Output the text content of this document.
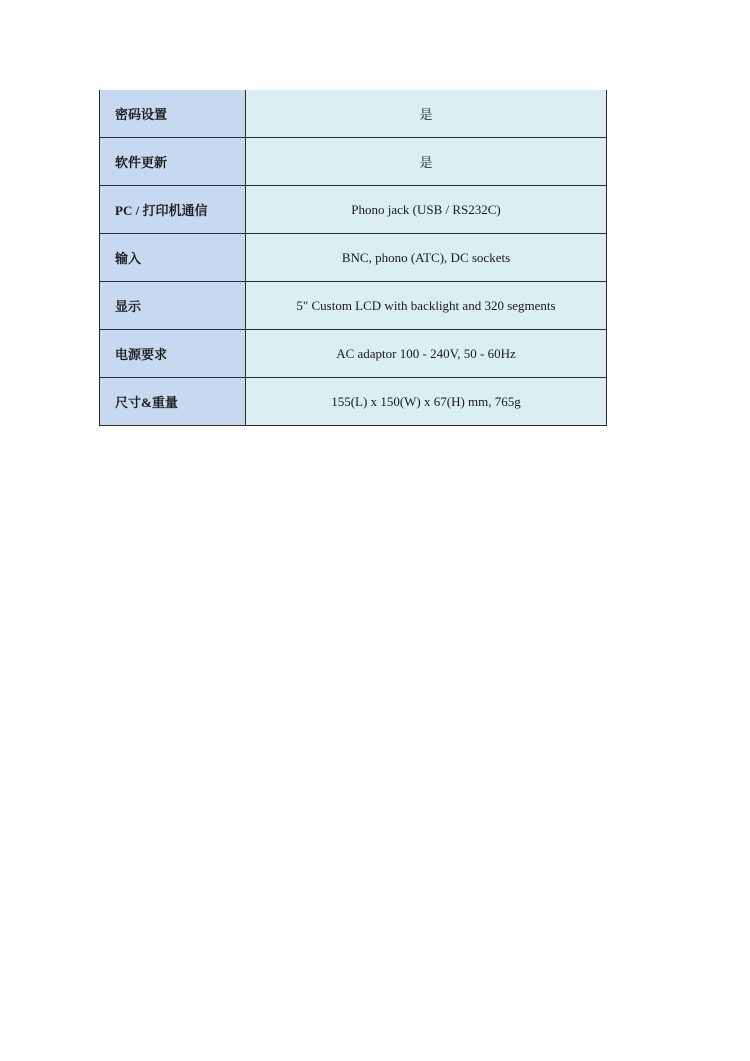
密码设置	是
软件更新	是
PC / 打印机通信	Phono jack (USB / RS232C)
输入	BNC, phono (ATC), DC sockets
显示	5" Custom LCD with backlight and 320 segments
电源要求	AC adaptor 100 - 240V, 50 - 60Hz
尺寸&重量	155(L) x 150(W) x 67(H) mm, 765g
